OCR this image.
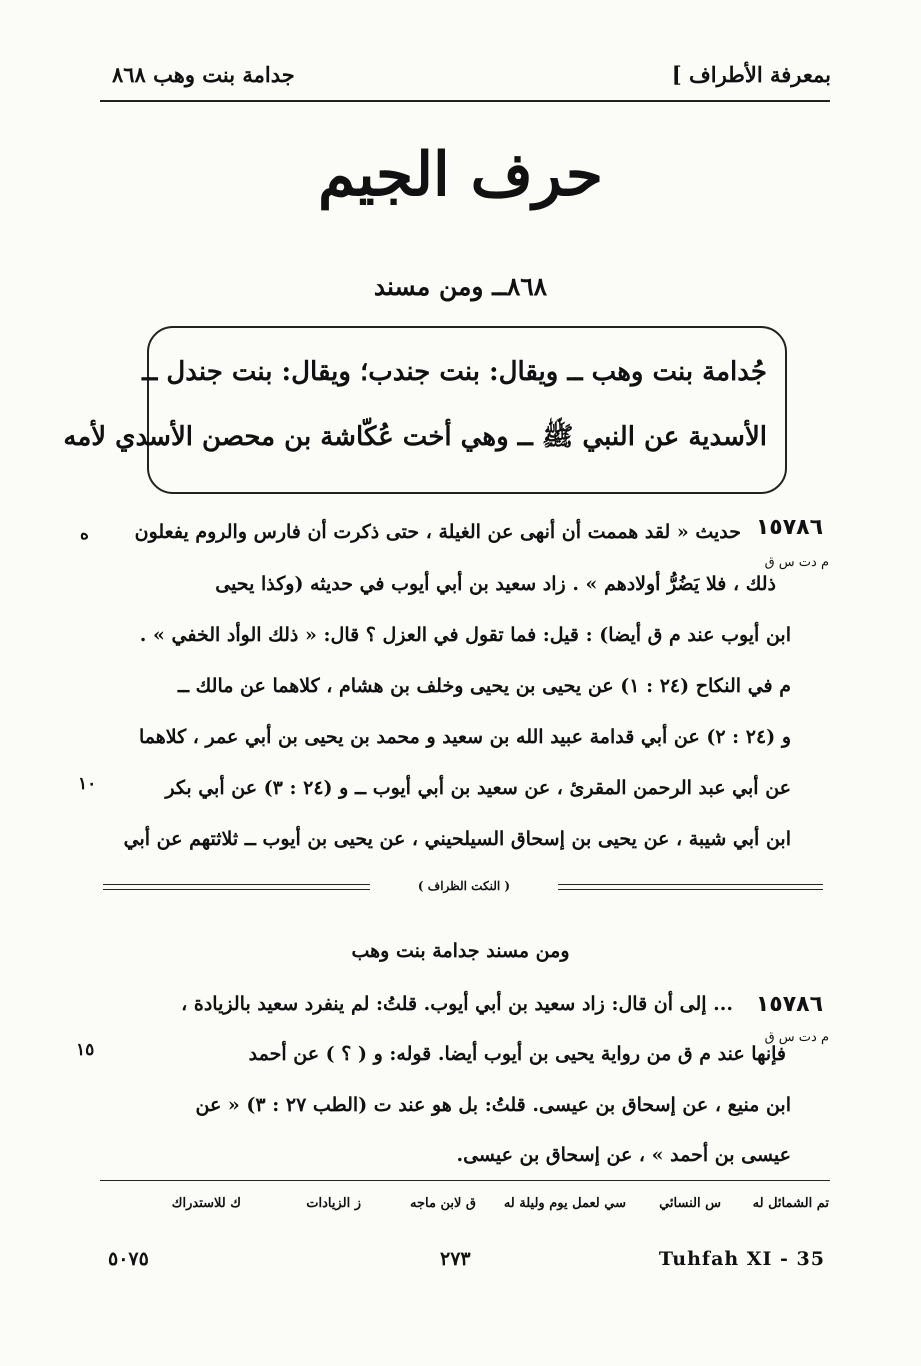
جدامة بنت وهب ٨٦٨	بمعرفة الأطراف ]
حرف الجيم
٨٦٨ــ ومن مسند
جُدامة بنت وهب ــ ويقال: بنت جندب؛ ويقال: بنت جندل ــ
الأسدية عن النبي ﷺ ــ وهي أخت عُكّاشة بن محصن الأسدي لأمه
١٥٧٨٦
م دت س ق
حديث « لقد هممت أن أنهى عن الغيلة ، حتى ذكرت أن فارس والروم يفعلون
ذلك ، فلا يَضُرُّ أولادهم » . زاد سعيد بن أبي أيوب في حديثه (وكذا يحيى
ابن أيوب عند م ق أيضا) : قيل: فما تقول في العزل ؟ قال: « ذلك الوأد الخفي » .
م في النكاح (٢٤ : ١) عن يحيى بن يحيى وخلف بن هشام ، كلاهما عن مالك ــ
و (٢٤ : ٢) عن أبي قدامة عبيد الله بن سعيد و محمد بن يحيى بن أبي عمر ، كلاهما
عن أبي عبد الرحمن المقرئ ، عن سعيد بن أبي أيوب ــ و (٢٤ : ٣) عن أبي بكر
ابن أبي شيبة ، عن يحيى بن إسحاق السيلحيني ، عن يحيى بن أيوب ــ ثلاثتهم عن أبي
ه
١٠
( النكت الظراف )
ومن مسند جدامة بنت وهب
١٥٧٨٦
م دت س ق
... إلى أن قال: زاد سعيد بن أبي أيوب. قلتُ: لم ينفرد سعيد بالزيادة ،
فإنها عند م ق من رواية يحيى بن أيوب أيضا. قوله: و ( ؟ ) عن أحمد
ابن منيع ، عن إسحاق بن عيسى. قلتُ: بل هو عند ت (الطب ٢٧ : ٣) « عن
عيسى بن أحمد » ، عن إسحاق بن عيسى.
١٥
تم الشمائل له
س النسائي
سي لعمل يوم وليلة له
ق لابن ماجه
ز الزيادات
ك للاستدراك
٥٠٧٥	٢٧٣	Tuhfah XI - 35
